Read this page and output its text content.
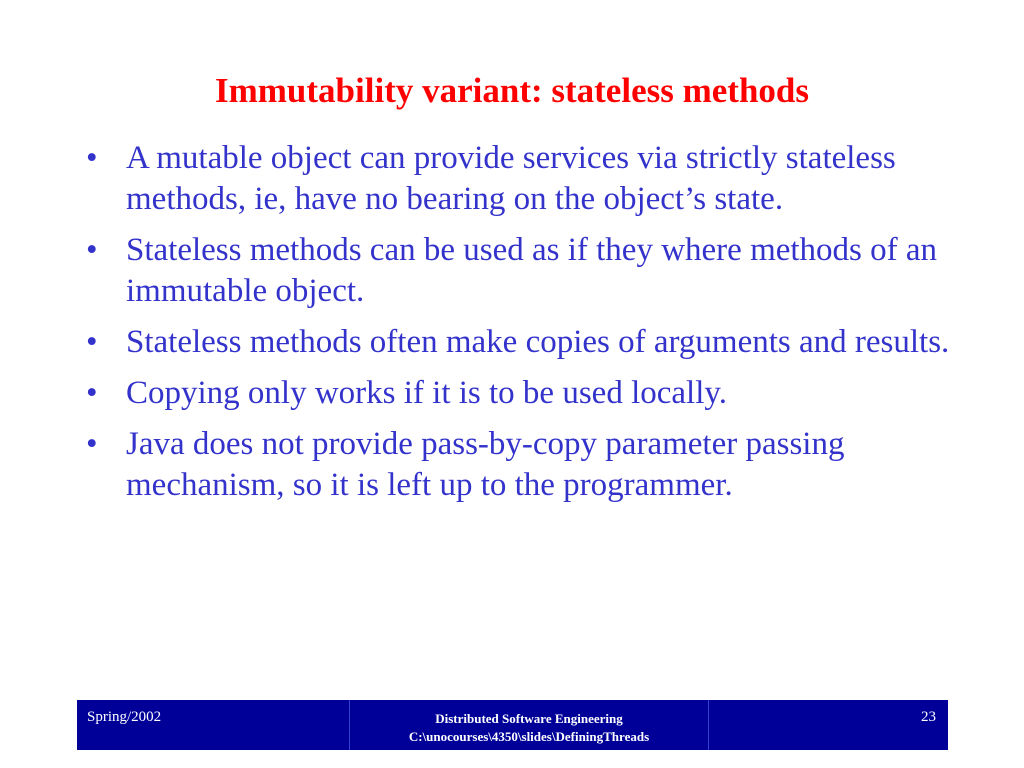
Immutability variant: stateless methods
• A mutable object can provide services via strictly stateless methods, ie, have no bearing on the object’s state.
• Stateless methods can be used as if they where methods of an immutable object.
• Stateless methods often make copies of arguments and results.
• Copying only works if it is to be used locally.
• Java does not provide pass-by-copy parameter passing mechanism, so it is left up to the programmer.
Spring/2002	Distributed Software Engineering
C:\unocourses\4350\slides\DefiningThreads
23
